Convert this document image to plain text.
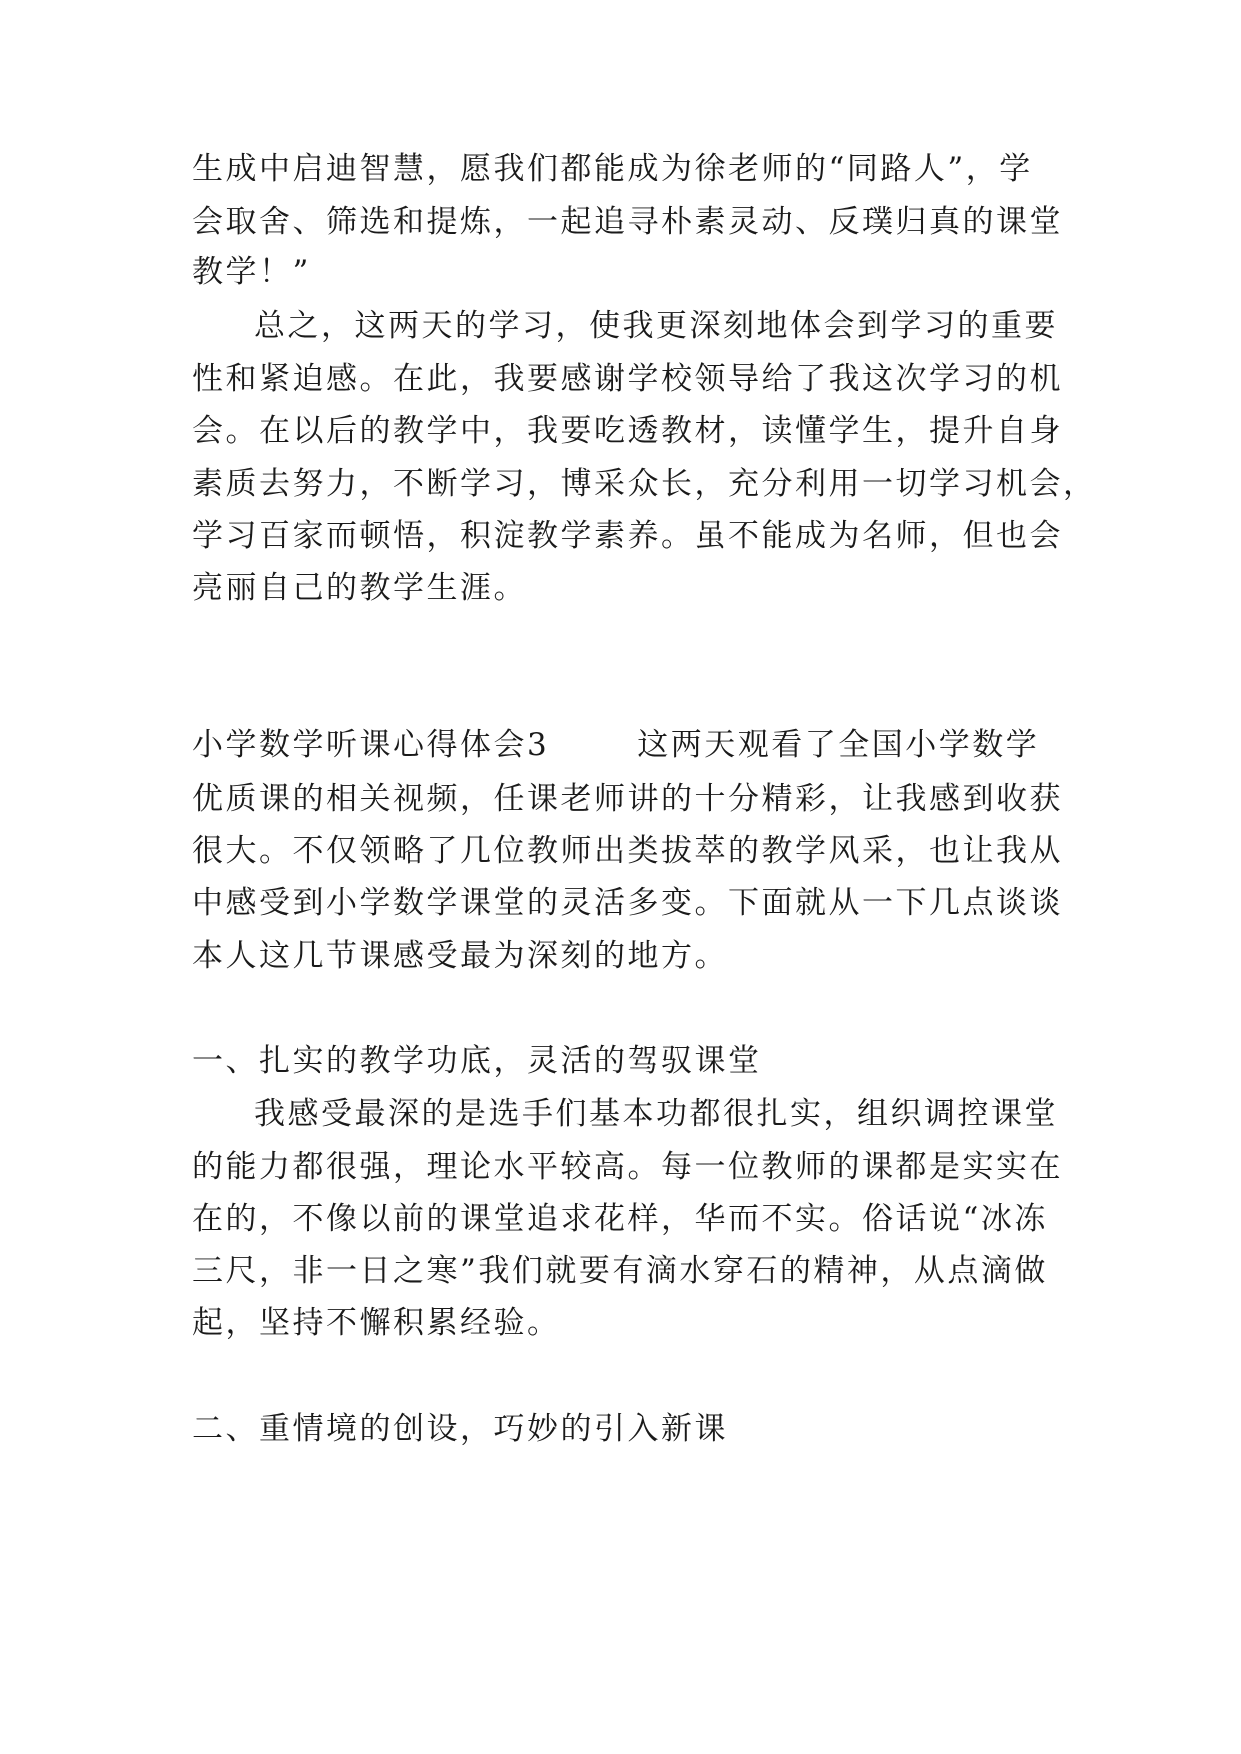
生成中启迪智慧，愿我们都能成为徐老师的“同路人”，学
会取舍、筛选和提炼，一起追寻朴素灵动、反璞归真的课堂
教学！”
总之，这两天的学习，使我更深刻地体会到学习的重要
性和紧迫感。在此，我要感谢学校领导给了我这次学习的机
会。在以后的教学中，我要吃透教材，读懂学生，提升自身
素质去努力，不断学习，博采众长，充分利用一切学习机会，
学习百家而顿悟，积淀教学素养。虽不能成为名师，但也会
亮丽自己的教学生涯。
小学数学听课心得体会3	这两天观看了全国小学数学
优质课的相关视频，任课老师讲的十分精彩，让我感到收获
很大。不仅领略了几位教师出类拔萃的教学风采，也让我从
中感受到小学数学课堂的灵活多变。下面就从一下几点谈谈
本人这几节课感受最为深刻的地方。
一、扎实的教学功底，灵活的驾驭课堂
我感受最深的是选手们基本功都很扎实，组织调控课堂
的能力都很强，理论水平较高。每一位教师的课都是实实在
在的，不像以前的课堂追求花样，华而不实。俗话说“冰冻
三尺，非一日之寒”我们就要有滴水穿石的精神，从点滴做
起，坚持不懈积累经验。
二、重情境的创设，巧妙的引入新课
